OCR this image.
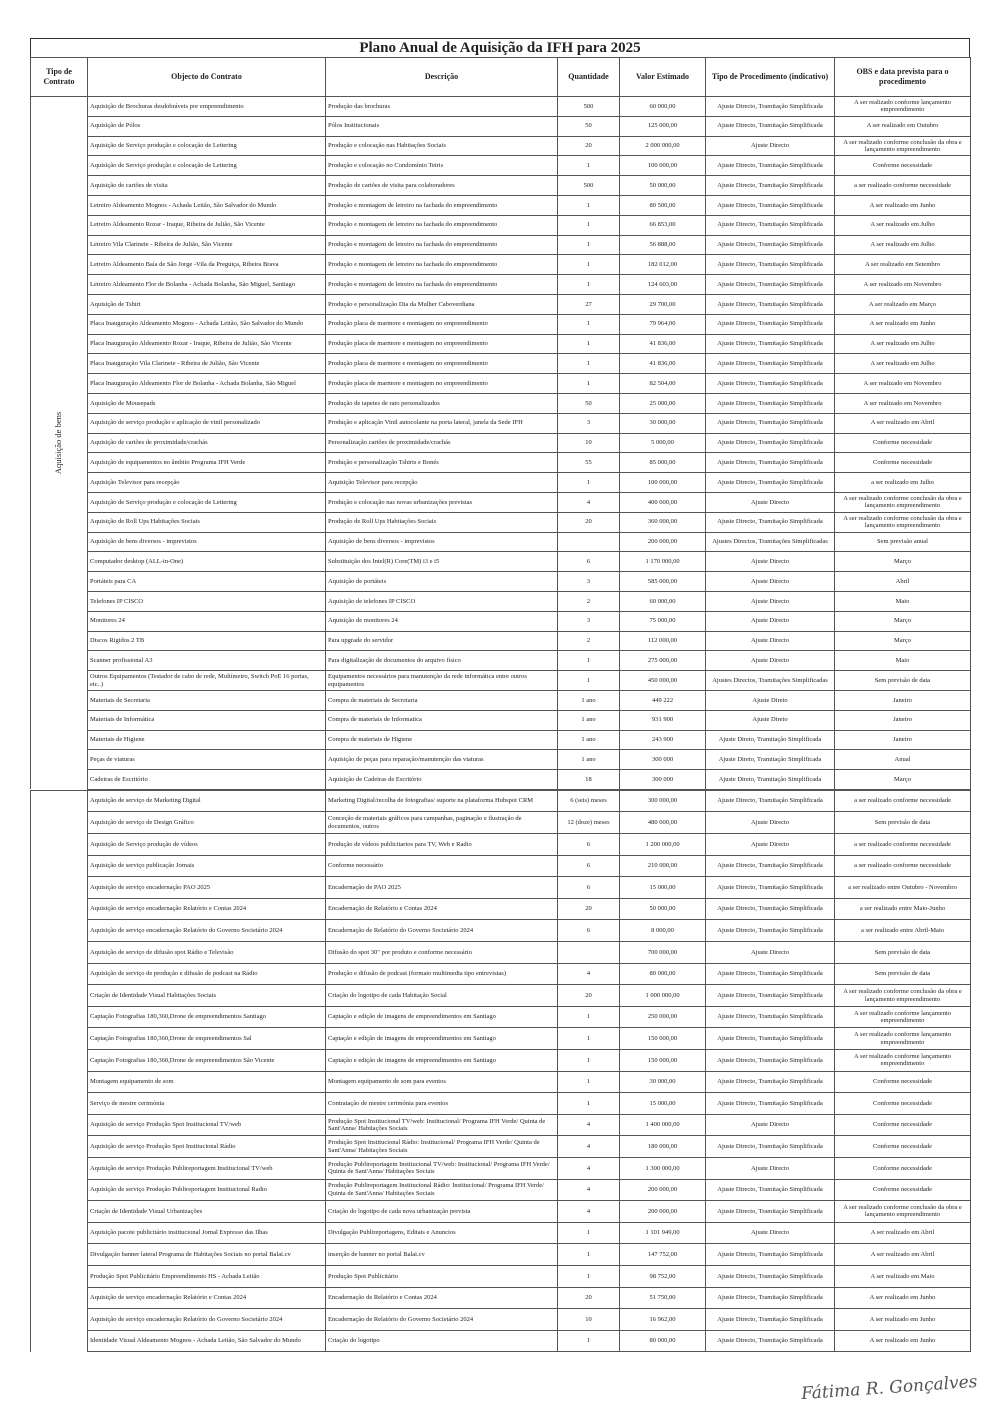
Plano Anual de Aquisição da IFH para 2025
Tipo de Contrato	Objecto do Contrato	Descrição	Quantidade	Valor Estimado	Tipo de Procedimento (indicativo)	OBS e data prevista para o procedimento

Aquisição de bens	Aquisição de Brochuras desdobráveis por empreendimento	Produção das brochuras	500	60 000,00	Ajuste Directo, Tramitação Simplificada	A ser realizado conforme lançamento empreendimento
	Aquisição de Pólos	Pólos Institucionais	50	125 000,00	Ajuste Directo, Tramitação Simplificada	A ser realizado em Outubro
	Aquisição de Serviço produção e colocação de Lettering	Produção e colocação nas Habitações Sociais	20	2 000 000,00	Ajuste Directo	A ser realizado conforme conclusão da obra e lançamento empreendimento
	Aquisição de Serviço produção e colocação de Lettering	Produção e colocação no Condomínio Tetris	1	100 000,00	Ajuste Directo, Tramitação Simplificada	Conforme necessidade
	Aquisição de cartões de visita	Produção de cartões de visita para colaboradores	500	50 000,00	Ajuste Directo, Tramitação Simplificada	a ser realizado conforme necessidade
	Letreiro Aldeamento Mognos - Achada Leitão, São Salvador do Mundo	Produção e montagem de letreiro na fachada do empreendimento	1	80 500,00	Ajuste Directo, Tramitação Simplificada	A ser realizado em Junho
	Letreiro Aldeamento Rozar - Iraque, Ribeira de Julião, São Vicente	Produção e montagem de letreiro na fachada do empreendimento	1	66 853,00	Ajuste Directo, Tramitação Simplificada	A ser realizado em Julho
	Letreiro Vila Clarinete - Ribeira de Julião, São Vicente	Produção e montagem de letreiro na fachada do empreendimento	1	56 888,00	Ajuste Directo, Tramitação Simplificada	A ser realizado em Julho
	Letreiro Aldeamento Baía de São Jorge -Vila da Preguiça, Ribeira Brava	Produção e montagem de letreiro na fachada do empreendimento	1	182 012,00	Ajuste Directo, Tramitação Simplificada	A ser realizado em Setembro
	Letreiro Aldeamento Flor de Bolanha - Achada Bolanha, São Miguel, Santiago	Produção e montagem de letreiro na fachada do empreendimento	1	124 603,00	Ajuste Directo, Tramitação Simplificada	A ser realizado em Novembro
	Aquisição de Tshirt	Produção e personalização Dia da Mulher Caboverdiana	27	29 700,00	Ajuste Directo, Tramitação Simplificada	A ser realizado em Março
	Placa Inauguração Aldeamento Mognos - Achada Leitão, São Salvador do Mundo	Produção placa de marmore e montagem no empreendimento	1	79 964,00	Ajuste Directo, Tramitação Simplificada	A ser realizado em Junho
	Placa Inauguração Aldeamento Rozar - Iraque, Ribeira de Julião, São Vicente	Produção placa de marmore e montagem no empreendimento	1	41 836,00	Ajuste Directo, Tramitação Simplificada	A ser realizado em Julho
	Placa Inauguração Vila Clarinete - Ribeira de Julião, São Vicente	Produção placa de marmore e montagem no empreendimento	1	41 836,00	Ajuste Directo, Tramitação Simplificada	A ser realizado em Julho
	Placa Inauguração Aldeamento Flor de Bolanha - Achada Bolanha, São Miguel	Produção placa de marmore e montagem no empreendimento	1	82 504,00	Ajuste Directo, Tramitação Simplificada	A ser realizado em Novembro
	Aquisição de Mousepads	Produção de tapetes de rato personalizados	50	25 000,00	Ajuste Directo, Tramitação Simplificada	A ser realizado em Novembro
	Aquisição de serviço produção e aplicação de vinil personalizado	Produção e aplicação Vinil autocolante na porta lateral, janela da Sede IFH	3	30 000,00	Ajuste Directo, Tramitação Simplificada	A ser realizado em Abril
	Aquisição de cartões de proximidade/crachás	Personalização cartões de proximidade/crachás	10	5 000,00	Ajuste Directo, Tramitação Simplificada	Conforme necessidade
	Aquisição de equipamentos no âmbito Programa IFH Verde	Produção e personalização Tshirts e Bonés	55	85 000,00	Ajuste Directo, Tramitação Simplificada	Conforme necessidade
	Aquisição Televisor para recepção	Aquisição Televisor para recepção	1	100 000,00	Ajuste Directo, Tramitação Simplificada	a ser realizado em Julho
	Aquisição de Serviço produção e colocação de Lettering	Produção e colocação nas novas urbanizações previstas	4	400 000,00	Ajuste Directo	A ser realizado conforme conclusão da obra e lançamento empreendimento
	Aquisição de Roll Ups Habitações Sociais	Produção de Roll Ups Habitações Sociais	20	360 000,00	Ajuste Directo, Tramitação Simplificada	A ser realizado conforme conclusão da obra e lançamento empreendimento
	Aquisição de bens diversos - imprevistos	Aquisição de bens diversos - imprevistos		200 000,00	Ajustes Directos, Tramitações Simplificadas	Sem previsão anual
	Computador desktop (ALL-in-One)	Substituição dos Intel(R) Core(TM) i3 e i5	6	1 170 000,00	Ajuste Directo	Março
	Portáteis para CA	Aquisição de portáteis	3	585 000,00	Ajuste Directo	Abril
	Telefones IP CISCO	Aquisição de telefones IP CISCO	2	60 000,00	Ajuste Directo	Maio
	Monitores 24	Aquisição de monitores 24	3	75 000,00	Ajuste Directo	Março
	Discos Rigidos 2 TB	Para upgrade do servidor	2	112 000,00	Ajuste Directo	Março
	Scanner profissional A3	Para digitalização de documentos do arquivo físico	1	275 000,00	Ajuste Directo	Maio
	Outros Equipamentos (Testador de cabo de rede, Multímetro, Switch PoE 16 portas, etc..)	Equipamentos necessários para manutenção da rede informática entre outros equipamentos	1	450 000,00	Ajustes Directos, Tramitações Simplificadas	Sem previsão de data
	Materiais de Secretaria	Compra de materiais de Secretaria	1 ano	449 222	Ajuste Direto	Janeiro
	Materiais de Informática	Compra de materiais de Informatica	1 ano	931 900	Ajuste Direto	Janeiro
	Materiais de Higiene	Compra de materiais de Higiene	1 ano	243 900	Ajuste Direto, Tramitação Simplificada	Janeiro
	Peças de viaturas	Aquisição de peças para reparação/manutenção das viaturas	1 ano	300 000	Ajuste Direto, Tramitação Simplificada	Anual
	Cadeiras de Escritório	Aquisição de Cadeiras de Escritório	18	300 000	Ajuste Direto, Tramitação Simplificada	Março
	Aquisição de serviço de Marketing Digital	Marketing Digital/recolha de fotografias/ suporte na plataforma Hubspot CRM	6 (seis) meses	300 000,00	Ajuste Directo, Tramitação Simplificada	a ser realizado conforme necessidade
	Aquisição de serviço de Design Gráfico	Conceção de materiais gráficos para campanhas, paginação e ilustração de documentos, outros	12 (doze) meses	480 000,00	Ajuste Directo	Sem previsão de data
	Aquisição de Serviço produção de vídeos	Produção de vídeos publicitarios para TV, Web e Radio	6	1 200 000,00	Ajuste Directo	a ser realizado conforme necessidade
	Aquisição de serviço publicação Jornais	Conforme necessário	6	210 000,00	Ajuste Directo, Tramitação Simplificada	a ser realizado conforme necessidade
	Aquisição de serviço encadernação PAO 2025	Encadernação de PAO 2025	6	15 000,00	Ajuste Directo, Tramitação Simplificada	a ser realizado entre Outubro - Novembro
	Aquisição de serviço encadernação Relatório e Contas 2024	Encadernação de Relatório e Contas 2024	20	50 000,00	Ajuste Directo, Tramitação Simplificada	a ser realizado entre Maio-Junho
	Aquisição de serviço encadernação Relatório do Governo Societário 2024	Encadernação de Relatório do Governo Societário 2024	6	8 000,00	Ajuste Directo, Tramitação Simplificada	a ser realizado entre Abril-Maio
	Aquisição de serviço de difusão spot Rádio e Televisão	Difusão do spot 30" por produto e conforme necessário		700 000,00	Ajuste Directo	Sem previsão de data
	Aquisição de serviço de produção e difusão de podcast na Rádio	Produção e difusão de podcast (formato multimedia tipo entrevistas)	4	80 000,00	Ajuste Directo, Tramitação Simplificada	Sem previsão de data
	Criação de Identidade Visual Habitações Sociais	Criação do logotipo de cada Habitação Social	20	1 000 000,00	Ajuste Directo, Tramitação Simplificada	A ser realizado conforme conclusão da obra e lançamento empreendimento
	Captação Fotografias 180,360,Drone de empreendimentos Santiago	Captação e edição de imagens de empreendimentos em Santiago	1	250 000,00	Ajuste Directo, Tramitação Simplificada	A ser realizado conforme lançamento empreendimento
	Captação Fotografias 180,360,Drone de empreendimentos Sal	Captação e edição de imagens de empreendimentos em Santiago	1	150 000,00	Ajuste Directo, Tramitação Simplificada	A ser realizado conforme lançamento empreendimento
	Captação Fotografias 180,360,Drone de empreendimentos São Vicente	Captação e edição de imagens de empreendimentos em Santiago	1	150 000,00	Ajuste Directo, Tramitação Simplificada	A ser realizado conforme lançamento empreendimento
	Montagem equipamento de som	Montagem equipamento de som para eventos	1	30 000,00	Ajuste Directo, Tramitação Simplificada	Conforme necessidade
	Serviço de mestre cerimónia	Contratação de mestre cerimónia para eventos	1	15 000,00	Ajuste Directo, Tramitação Simplificada	Conforme necessidade
	Aquisição de serviço Produção Spot Institucional TV/web	Produção Spot Institucional TV/web: Institucional/ Programa IFH Verde/ Quinta de Sant'Anna/ Habitações Sociais	4	1 400 000,00	Ajuste Directo	Conforme necessidade
	Aquisição de serviço Produção Spot Institucional Rádio	Produção Spot Institucional Rádio: Institucional/ Programa IFH Verde/ Quinta de Sant'Anna/ Habitações Sociais	4	180 000,00	Ajuste Directo, Tramitação Simplificada	Conforme necessidade
	Aquisição de serviço Produção Publireportagem Institucional TV/web	Produção Publireportagem Institucional TV/web: Institucional/ Programa IFH Verde/ Quinta de Sant'Anna/ Habitações Sociais	4	1 300 000,00	Ajuste Directo	Conforme necessidade
	Aquisição de serviço Produção Publireportagem Institucional Radio	Produção Publireportagem Institucional Rádio: Institucional/ Programa IFH Verde/ Quinta de Sant'Anna/ Habitações Sociais	4	200 000,00	Ajuste Directo, Tramitação Simplificada	Conforme necessidade
	Criação de Identidade Visual Urbanizações	Criação do logotipo de cada nova urbanização prevista	4	200 000,00	Ajuste Directo, Tramitação Simplificada	A ser realizado conforme conclusão da obra e lançamento empreendimento
	Aquisição pacote publicitário institucional Jornal Expresso das Ilhas	Divulgação Publireportagens, Editais e Anuncios	1	1 101 949,00	Ajuste Directo	A ser realizado em Abril
	Divulgação banner lateral Programa de Habitações Sociais no portal Balai.cv	inserção de banner no portal Balai.cv	1	147 752,00	Ajuste Directo, Tramitação Simplificada	A ser realizado em Abril
	Produção Spot Publicitário Empreendimento HS - Achada Leitão	Produção Spot Publicitário	1	98 752,00	Ajuste Directo, Tramitação Simplificada	A ser realizado em Maio
	Aquisição de serviço encadernação Relatório e Contas 2024	Encadernação de Relatório e Contas 2024	20	51 750,00	Ajuste Directo, Tramitação Simplificada	A ser realizado em Junho
	Aquisição de serviço encadernação Relatório do Governo Societário 2024	Encadernação de Relatório do Governo Societário 2024	10	16 962,00	Ajuste Directo, Tramitação Simplificada	A ser realizado em Junho
	Identidade Visual Aldeamento Mognos - Achada Leitão, São Salvador do Mundo	Criação do logotipo	1	80 000,00	Ajuste Directo, Tramitação Simplificada	A ser realizado em Junho
Fátima R. Gonçalves
